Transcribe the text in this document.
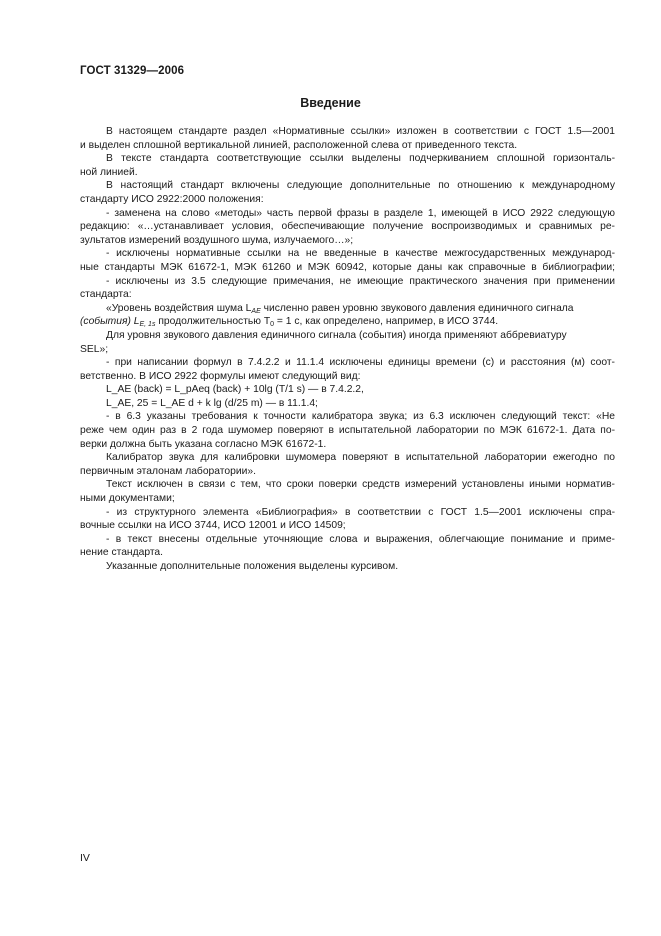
ГОСТ 31329—2006
Введение
В настоящем стандарте раздел «Нормативные ссылки» изложен в соответствии с ГОСТ 1.5—2001
и выделен сплошной вертикальной линией, расположенной слева от приведенного текста.
В тексте стандарта соответствующие ссылки выделены подчеркиванием сплошной горизонталь-
ной линией.
В настоящий стандарт включены следующие дополнительные по отношению к международному
стандарту ИСО 2922:2000 положения:
- заменена на слово «методы» часть первой фразы в разделе 1, имеющей в ИСО 2922 следующую
редакцию: «…устанавливает условия, обеспечивающие получение воспроизводимых и сравнимых ре-
зультатов измерений воздушного шума, излучаемого…»;
- исключены нормативные ссылки на не введенные в качестве межгосударственных международ-
ные стандарты МЭК 61672-1, МЭК 61260 и МЭК 60942, которые даны как справочные в библиографии;
- исключены из 3.5 следующие примечания, не имеющие практического значения при применении
стандарта:
«Уровень воздействия шума $L_{AE}$ численно равен уровню звукового давления единичного сигнала
(события) $L_{E, 1s}$ продолжительностью $T_0 = 1$ с, как определено, например, в ИСО 3744.
Для уровня звукового давления единичного сигнала (события) иногда применяют аббревиатуру
SEL»;
- при написании формул в 7.4.2.2 и 11.1.4 исключены единицы времени (с) и расстояния (м) соот-
ветственно. В ИСО 2922 формулы имеют следующий вид:
L_AE (back) = L_pAeq (back) + 10lg (T/1 s) — в 7.4.2.2,
L_AE, 25 = L_AE d + k lg (d/25 m) — в 11.1.4;
- в 6.3 указаны требования к точности калибратора звука; из 6.3 исключен следующий текст: «Не
реже чем один раз в 2 года шумомер поверяют в испытательной лаборатории по МЭК 61672-1. Дата по-
верки должна быть указана согласно МЭК 61672-1.
Калибратор звука для калибровки шумомера поверяют в испытательной лаборатории ежегодно по
первичным эталонам лаборатории».
Текст исключен в связи с тем, что сроки поверки средств измерений установлены иными норматив-
ными документами;
- из структурного элемента «Библиография» в соответствии с ГОСТ 1.5—2001 исключены спра-
вочные ссылки на ИСО 3744, ИСО 12001 и ИСО 14509;
- в текст внесены отдельные уточняющие слова и выражения, облегчающие понимание и приме-
нение стандарта.
Указанные дополнительные положения выделены курсивом.
IV
